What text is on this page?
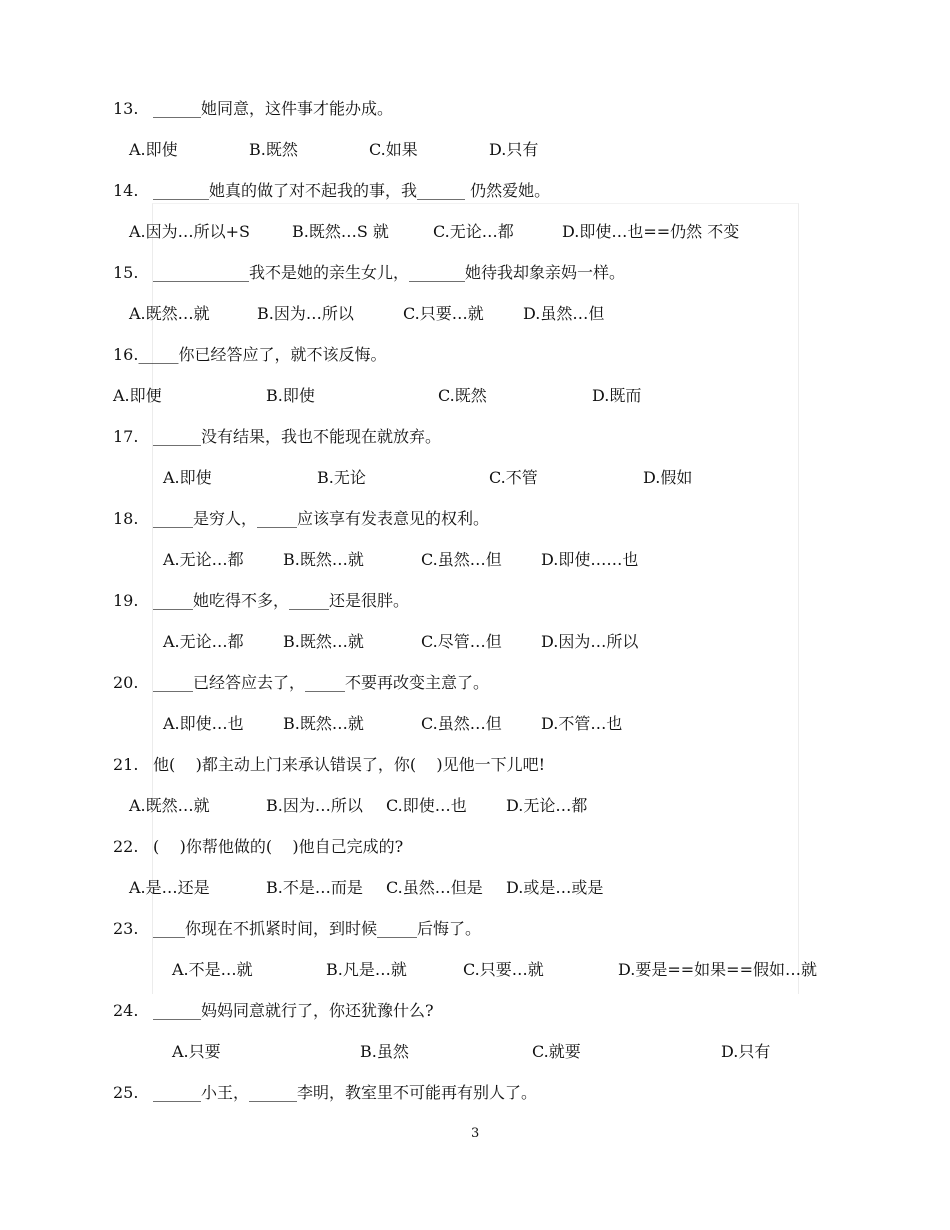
13. ______她同意，这件事才能办成。
A.即使	B.既然	C.如果	D.只有
14. _______她真的做了对不起我的事，我______ 仍然爱她。
A.因为…所以+S	B.既然…S 就	C.无论…都	D.即使…也==仍然 不变
15. ____________我不是她的亲生女儿，_______她待我却象亲妈一样。
A.既然…就	B.因为…所以	C.只要…就 D.虽然…但
16._____你已经答应了，就不该反悔。
A.即便	B.即使	C.既然	D.既而
17. ______没有结果，我也不能现在就放弃。
A.即使	B.无论	C.不管	D.假如
18. _____是穷人，_____应该享有发表意见的权利。
A.无论…都 B.既然…就	C.虽然…但 D.即使……也
19. _____她吃得不多，_____还是很胖。
A.无论…都 B.既然…就	C.尽管…但 D.因为…所以
20. _____已经答应去了，_____不要再改变主意了。
A.即使…也 B.既然…就	C.虽然…但 D.不管…也
21. 他(    )都主动上门来承认错误了，你(    )见他一下儿吧!
A.既然…就	B.因为…所以 C.即使…也 D.无论…都
22. (    )你帮他做的(    )他自己完成的?
A.是…还是	B.不是…而是 C.虽然…但是 D.或是…或是
23. ____你现在不抓紧时间，到时候_____后悔了。
A.不是…就	B.凡是…就	C.只要…就	D.要是==如果==假如…就
24. ______妈妈同意就行了，你还犹豫什么?
A.只要	B.虽然	C.就要	D.只有
25. ______小王，______李明，教室里不可能再有别人了。
3
